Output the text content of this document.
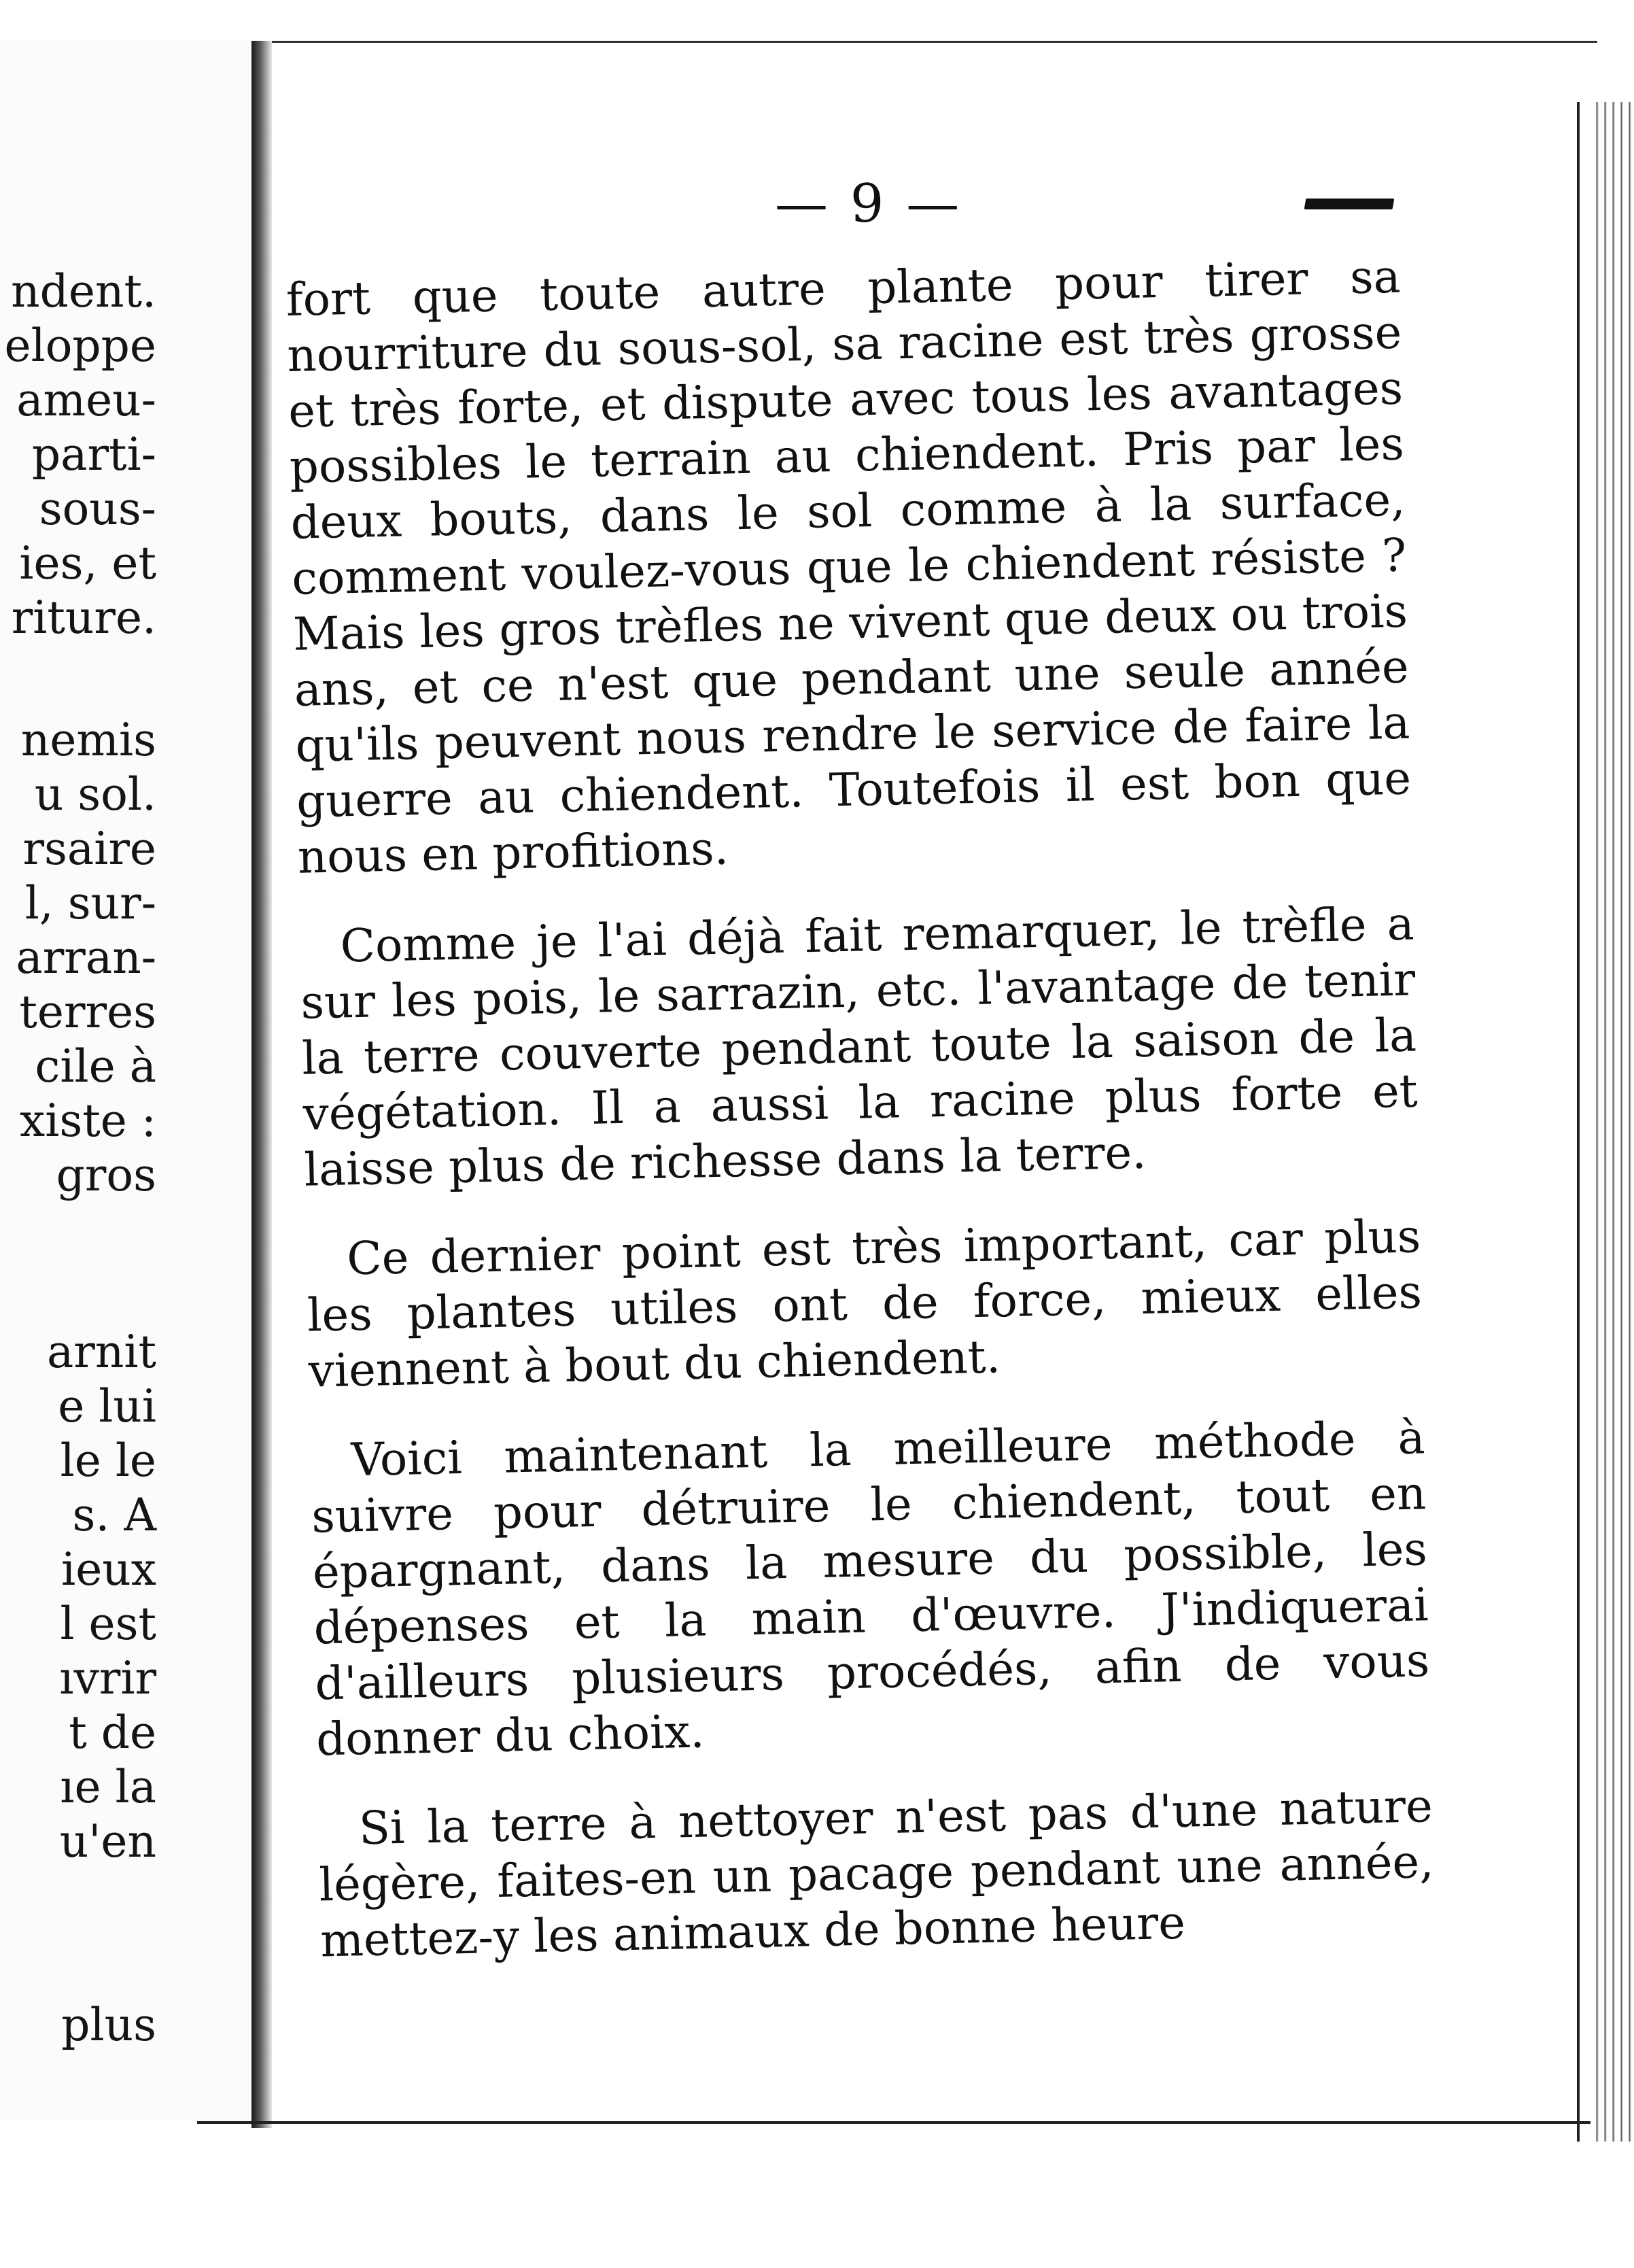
ndent.
eloppe
ameu-
parti-
sous-
ies, et
riture.
nemis
u sol.
rsaire
l, sur-
arran-
terres
cile à
xiste :
gros
arnit
e lui
le le
s. A
ieux
l est
ıvrir
t de
ıe la
u'en
plus
— 9 —

fort que toute autre plante pour tirer sa nourriture du sous-sol, sa racine est très grosse et très forte, et dispute avec tous les avantages possibles le terrain au chiendent. Pris par les deux bouts, dans le sol comme à la surface, comment voulez-vous que le chiendent résiste ? Mais les gros trèfles ne vivent que deux ou trois ans, et ce n'est que pendant une seule année qu'ils peuvent nous rendre le service de faire la guerre au chiendent. Toutefois il est bon que nous en profitions.

Comme je l'ai déjà fait remarquer, le trèfle a sur les pois, le sarrazin, etc. l'avantage de tenir la terre couverte pendant toute la saison de la végétation. Il a aussi la racine plus forte et laisse plus de richesse dans la terre.

Ce dernier point est très important, car plus les plantes utiles ont de force, mieux elles viennent à bout du chiendent.

Voici maintenant la meilleure méthode à suivre pour détruire le chiendent, tout en épargnant, dans la mesure du possible, les dépenses et la main d'œuvre. J'indiquerai d'ailleurs plusieurs procédés, afin de vous donner du choix.

Si la terre à nettoyer n'est pas d'une nature légère, faites-en un pacage pendant une année, mettez-y les animaux de bonne heure
